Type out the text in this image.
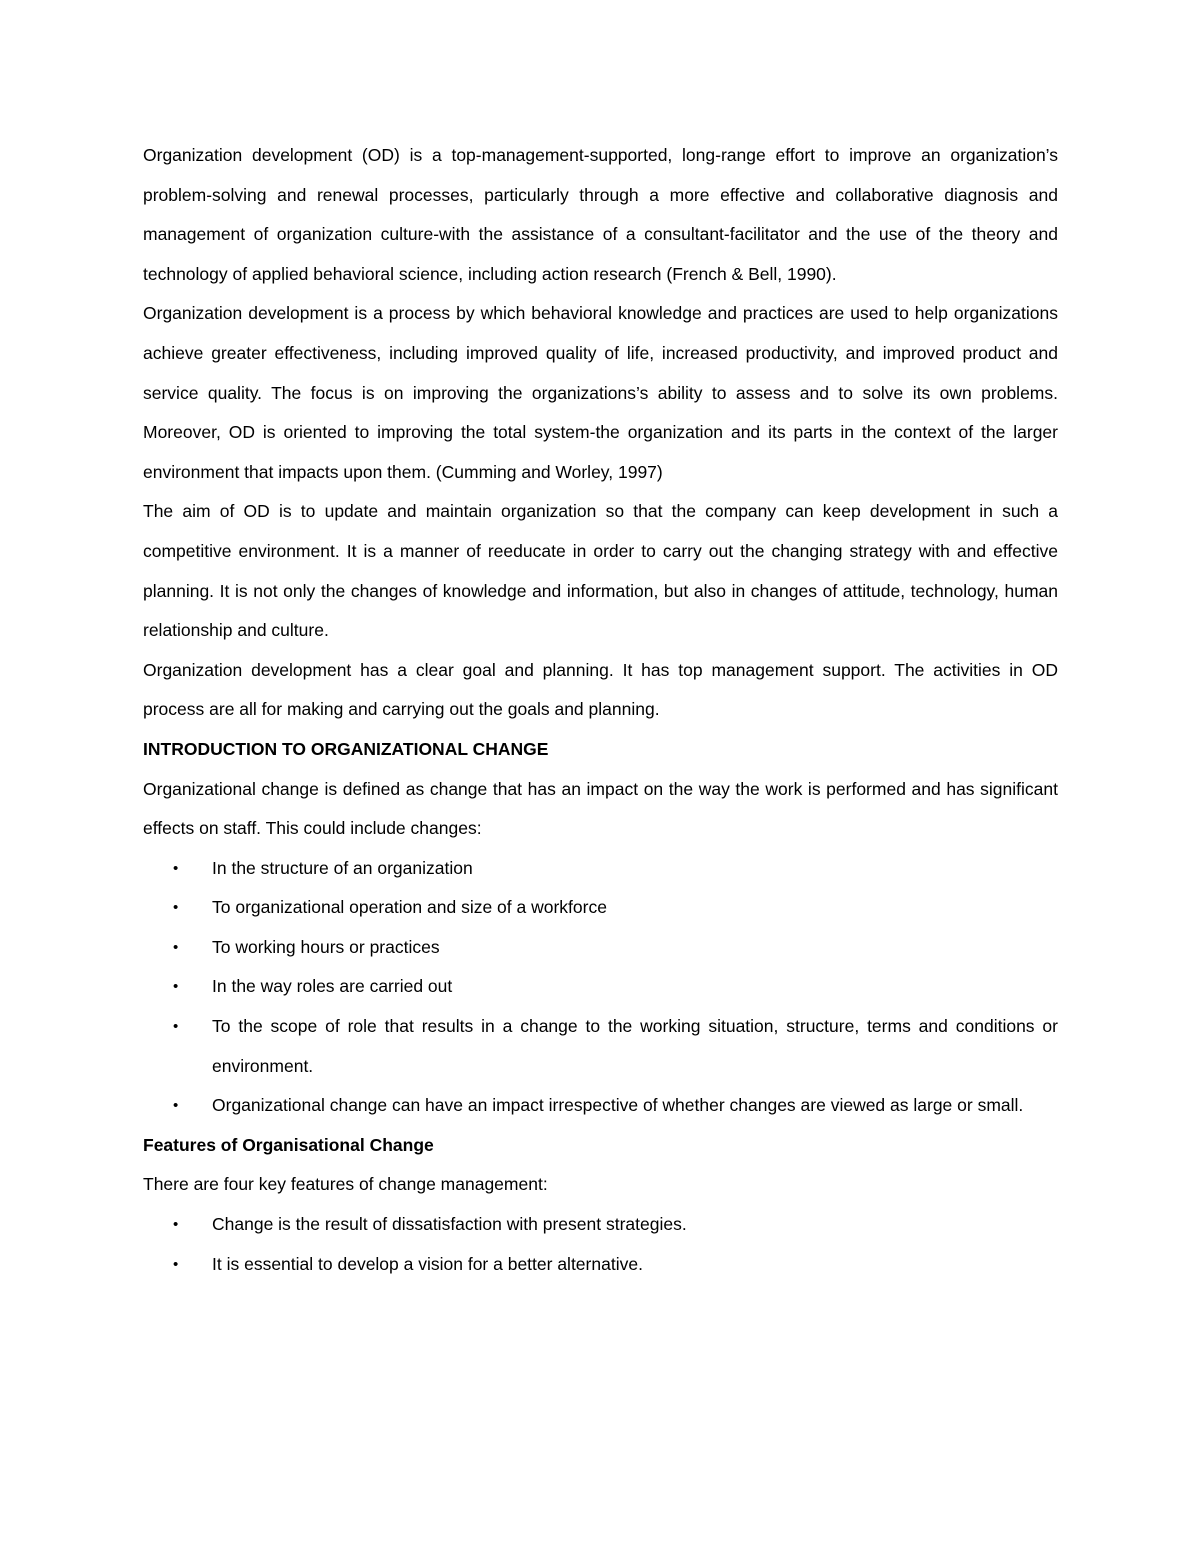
Organization development (OD) is a top-management-supported, long-range effort to improve an organization’s problem-solving and renewal processes, particularly through a more effective and collaborative diagnosis and management of organization culture-with the assistance of a consultant-facilitator and the use of the theory and technology of applied behavioral science, including action research (French & Bell, 1990).

Organization development is a process by which behavioral knowledge and practices are used to help organizations achieve greater effectiveness, including improved quality of life, increased productivity, and improved product and service quality. The focus is on improving the organizations’s ability to assess and to solve its own problems. Moreover, OD is oriented to improving the total system-the organization and its parts in the context of the larger environment that impacts upon them. (Cumming and Worley, 1997)

The aim of OD is to update and maintain organization so that the company can keep development in such a competitive environment. It is a manner of reeducate in order to carry out the changing strategy with and effective planning. It is not only the changes of knowledge and information, but also in changes of attitude, technology, human relationship and culture.

Organization development has a clear goal and planning. It has top management support. The activities in OD process are all for making and carrying out the goals and planning.

INTRODUCTION TO ORGANIZATIONAL CHANGE

Organizational change is defined as change that has an impact on the way the work is performed and has significant effects on staff. This could include changes:

• In the structure of an organization
• To organizational operation and size of a workforce
• To working hours or practices
• In the way roles are carried out
• To the scope of role that results in a change to the working situation, structure, terms and conditions or environment.
• Organizational change can have an impact irrespective of whether changes are viewed as large or small.

Features of Organisational Change

There are four key features of change management:

• Change is the result of dissatisfaction with present strategies.
• It is essential to develop a vision for a better alternative.
